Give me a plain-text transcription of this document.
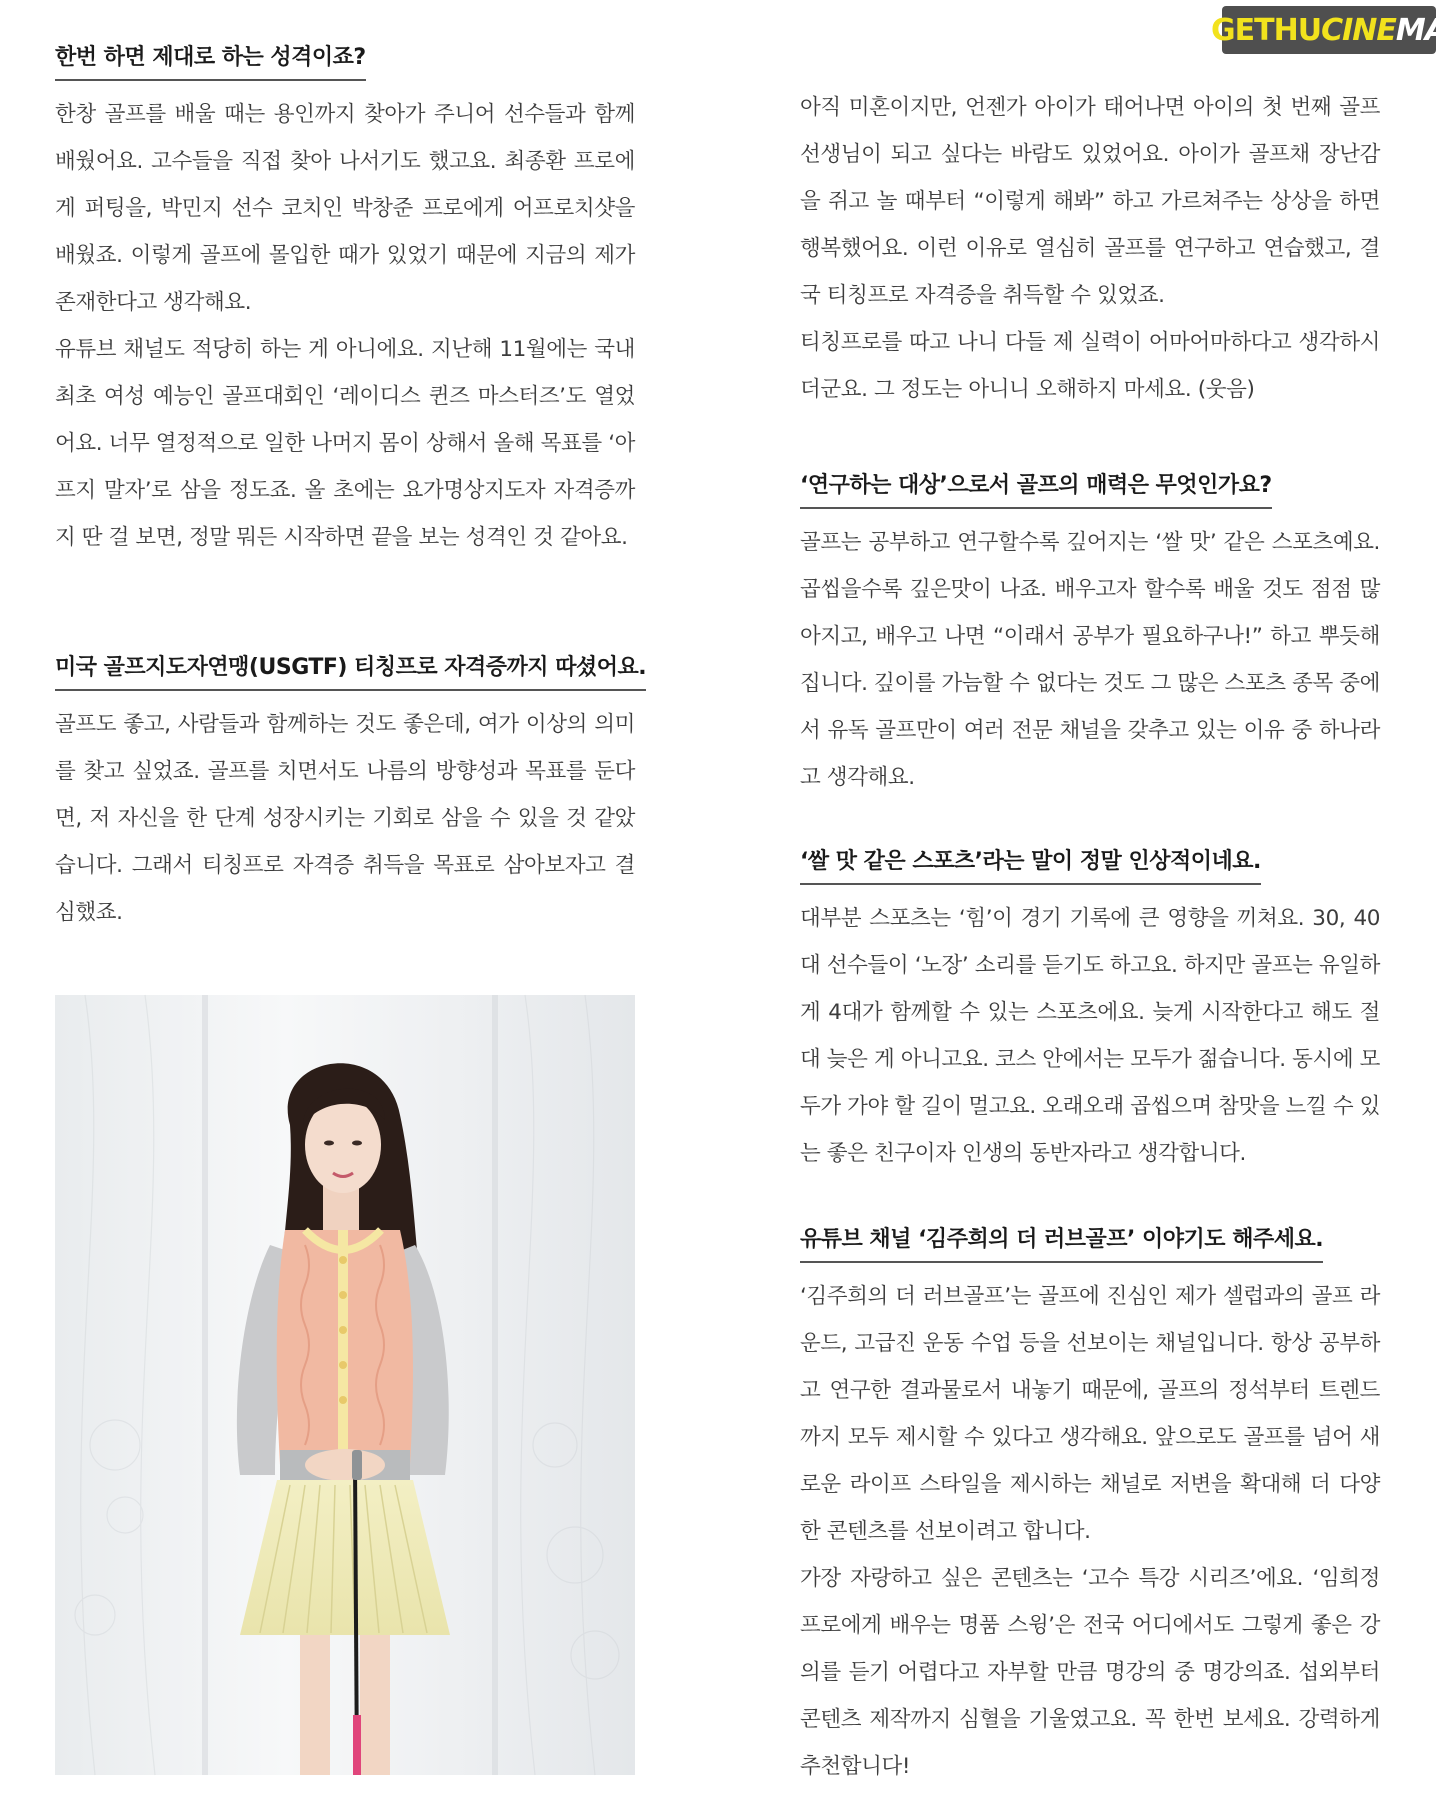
GETHU CINE MA
한번 하면 제대로 하는 성격이죠?

한창 골프를 배울 때는 용인까지 찾아가 주니어 선수들과 함께 배웠어요. 고수들을 직접 찾아 나서기도 했고요. 최종환 프로에게 퍼팅을, 박민지 선수 코치인 박창준 프로에게 어프로치샷을 배웠죠. 이렇게 골프에 몰입한 때가 있었기 때문에 지금의 제가 존재한다고 생각해요.

유튜브 채널도 적당히 하는 게 아니에요. 지난해 11월에는 국내 최초 여성 예능인 골프대회인 ‘레이디스 퀸즈 마스터즈’도 열었어요. 너무 열정적으로 일한 나머지 몸이 상해서 올해 목표를 ‘아프지 말자’로 삼을 정도죠. 올 초에는 요가명상지도자 자격증까지 딴 걸 보면, 정말 뭐든 시작하면 끝을 보는 성격인 것 같아요.

미국 골프지도자연맹(USGTF) 티칭프로 자격증까지 따셨어요.

골프도 좋고, 사람들과 함께하는 것도 좋은데, 여가 이상의 의미를 찾고 싶었죠. 골프를 치면서도 나름의 방향성과 목표를 둔다면, 저 자신을 한 단계 성장시키는 기회로 삼을 수 있을 것 같았습니다. 그래서 티칭프로 자격증 취득을 목표로 삼아보자고 결심했죠.

아직 미혼이지만, 언젠가 아이가 태어나면 아이의 첫 번째 골프 선생님이 되고 싶다는 바람도 있었어요. 아이가 골프채 장난감을 쥐고 놀 때부터 “이렇게 해봐” 하고 가르쳐주는 상상을 하면 행복했어요. 이런 이유로 열심히 골프를 연구하고 연습했고, 결국 티칭프로 자격증을 취득할 수 있었죠.

티칭프로를 따고 나니 다들 제 실력이 어마어마하다고 생각하시더군요. 그 정도는 아니니 오해하지 마세요. (웃음)

‘연구하는 대상’으로서 골프의 매력은 무엇인가요?

골프는 공부하고 연구할수록 깊어지는 ‘쌀 맛’ 같은 스포츠예요. 곱씹을수록 깊은맛이 나죠. 배우고자 할수록 배울 것도 점점 많아지고, 배우고 나면 “이래서 공부가 필요하구나!” 하고 뿌듯해집니다. 깊이를 가늠할 수 없다는 것도 그 많은 스포츠 종목 중에서 유독 골프만이 여러 전문 채널을 갖추고 있는 이유 중 하나라고 생각해요.

‘쌀 맛 같은 스포츠’라는 말이 정말 인상적이네요.

대부분 스포츠는 ‘힘’이 경기 기록에 큰 영향을 끼쳐요. 30, 40대 선수들이 ‘노장’ 소리를 듣기도 하고요. 하지만 골프는 유일하게 4대가 함께할 수 있는 스포츠에요. 늦게 시작한다고 해도 절대 늦은 게 아니고요. 코스 안에서는 모두가 젊습니다. 동시에 모두가 가야 할 길이 멀고요. 오래오래 곱씹으며 참맛을 느낄 수 있는 좋은 친구이자 인생의 동반자라고 생각합니다.

유튜브 채널 ‘김주희의 더 러브골프’ 이야기도 해주세요.

‘김주희의 더 러브골프’는 골프에 진심인 제가 셀럽과의 골프 라운드, 고급진 운동 수업 등을 선보이는 채널입니다. 항상 공부하고 연구한 결과물로서 내놓기 때문에, 골프의 정석부터 트렌드까지 모두 제시할 수 있다고 생각해요. 앞으로도 골프를 넘어 새로운 라이프 스타일을 제시하는 채널로 저변을 확대해 더 다양한 콘텐츠를 선보이려고 합니다.

가장 자랑하고 싶은 콘텐츠는 ‘고수 특강 시리즈’에요. ‘임희정 프로에게 배우는 명품 스윙’은 전국 어디에서도 그렇게 좋은 강의를 듣기 어렵다고 자부할 만큼 명강의 중 명강의죠. 섭외부터 콘텐츠 제작까지 심혈을 기울였고요. 꼭 한번 보세요. 강력하게 추천합니다!
